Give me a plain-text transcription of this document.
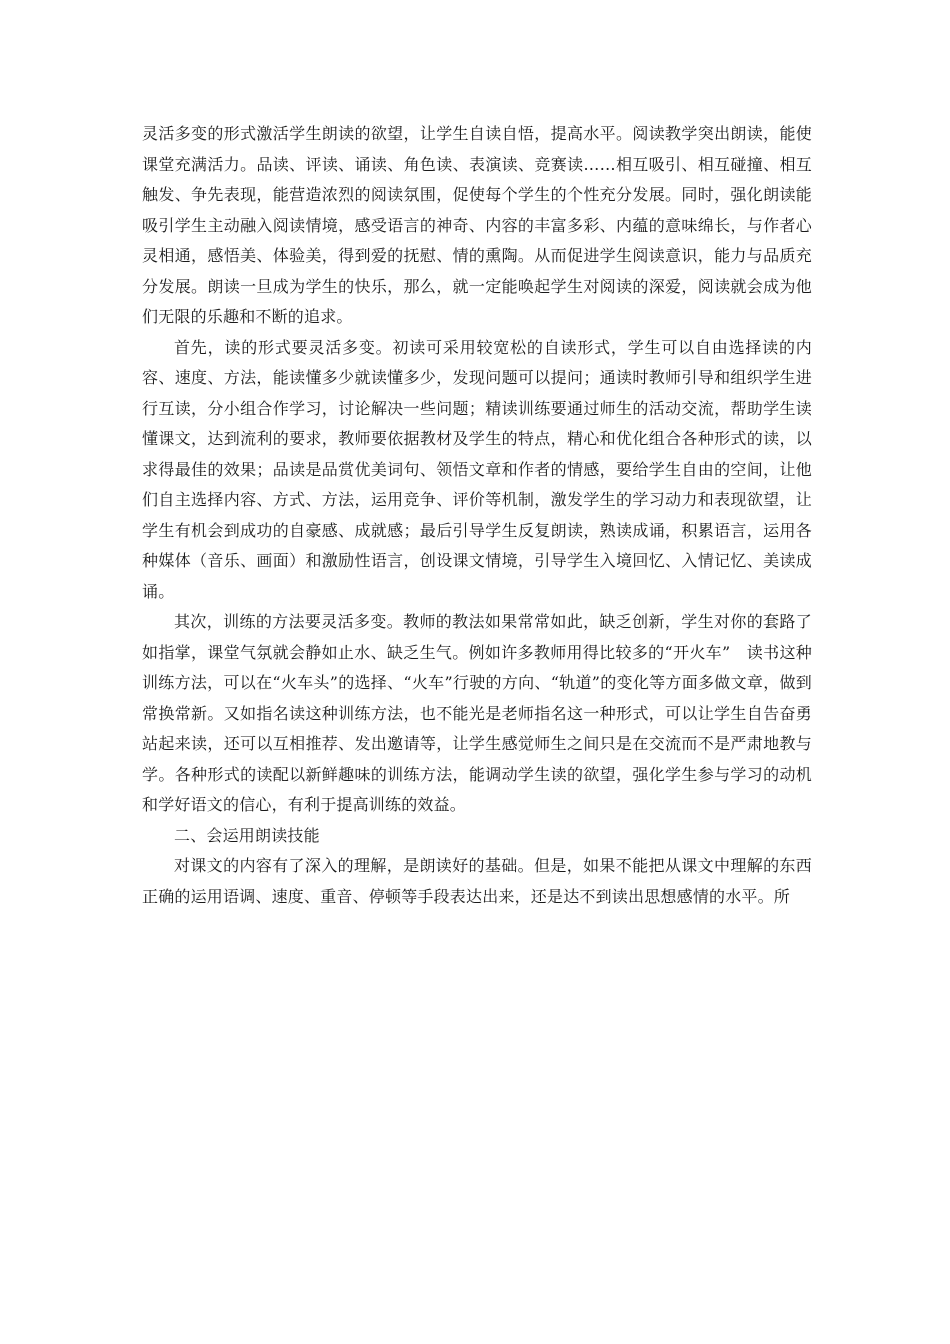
灵活多变的形式激活学生朗读的欲望，让学生自读自悟，提高水平。阅读教学突出朗读，能使课堂充满活力。品读、评读、诵读、角色读、表演读、竞赛读……相互吸引、相互碰撞、相互触发、争先表现，能营造浓烈的阅读氛围，促使每个学生的个性充分发展。同时，强化朗读能吸引学生主动融入阅读情境，感受语言的神奇、内容的丰富多彩、内蕴的意味绵长，与作者心灵相通，感悟美、体验美，得到爱的抚慰、情的熏陶。从而促进学生阅读意识，能力与品质充分发展。朗读一旦成为学生的快乐，那么，就一定能唤起学生对阅读的深爱，阅读就会成为他们无限的乐趣和不断的追求。

首先，读的形式要灵活多变。初读可采用较宽松的自读形式，学生可以自由选择读的内容、速度、方法，能读懂多少就读懂多少，发现问题可以提问；通读时教师引导和组织学生进行互读，分小组合作学习，讨论解决一些问题；精读训练要通过师生的活动交流，帮助学生读懂课文，达到流利的要求，教师要依据教材及学生的特点，精心和优化组合各种形式的读，以求得最佳的效果；品读是品赏优美词句、领悟文章和作者的情感，要给学生自由的空间，让他们自主选择内容、方式、方法，运用竞争、评价等机制，激发学生的学习动力和表现欲望，让学生有机会到成功的自豪感、成就感；最后引导学生反复朗读，熟读成诵，积累语言，运用各种媒体（音乐、画面）和激励性语言，创设课文情境，引导学生入境回忆、入情记忆、美读成诵。

其次，训练的方法要灵活多变。教师的教法如果常常如此，缺乏创新，学生对你的套路了如指掌，课堂气氛就会静如止水、缺乏生气。例如许多教师用得比较多的“开火车”　读书这种训练方法，可以在“火车头”的选择、“火车”行驶的方向、“轨道”的变化等方面多做文章，做到常换常新。又如指名读这种训练方法，也不能光是老师指名这一种形式，可以让学生自告奋勇站起来读，还可以互相推荐、发出邀请等，让学生感觉师生之间只是在交流而不是严肃地教与学。各种形式的读配以新鲜趣味的训练方法，能调动学生读的欲望，强化学生参与学习的动机和学好语文的信心，有利于提高训练的效益。

二、会运用朗读技能

对课文的内容有了深入的理解，是朗读好的基础。但是，如果不能把从课文中理解的东西正确的运用语调、速度、重音、停顿等手段表达出来，还是达不到读出思想感情的水平。所
